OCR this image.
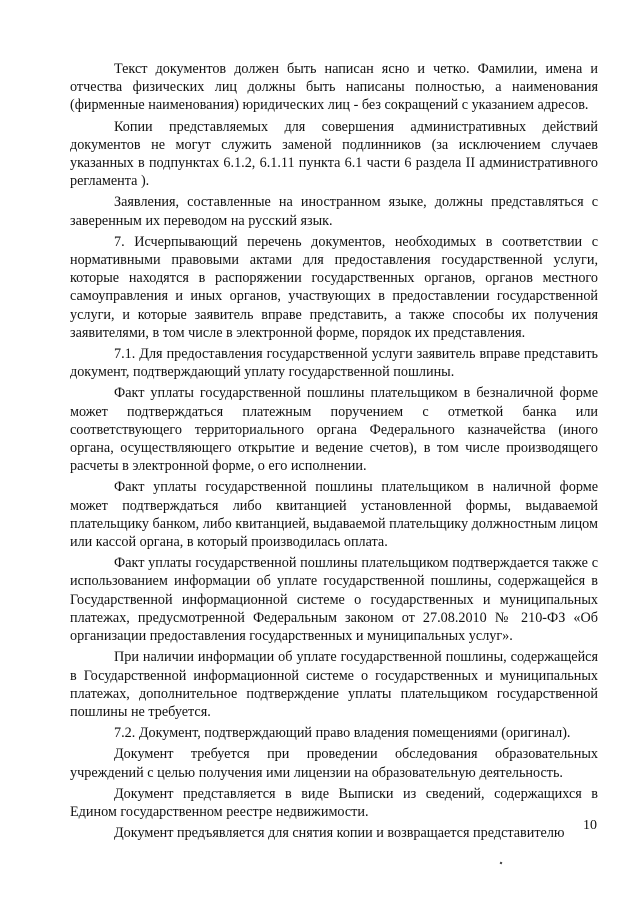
Текст документов должен быть написан ясно и четко. Фамилии, имена и отчества физических лиц должны быть написаны полностью, а наименования (фирменные наименования) юридических лиц - без сокращений с указанием адресов.

Копии представляемых для совершения административных действий документов не могут служить заменой подлинников (за исключением случаев указанных в подпунктах 6.1.2, 6.1.11 пункта 6.1 части 6 раздела II административного регламента ).

Заявления, составленные на иностранном языке, должны представляться с заверенным их переводом на русский язык.

7. Исчерпывающий перечень документов, необходимых в соответствии с нормативными правовыми актами для предоставления государственной услуги, которые находятся в распоряжении государственных органов, органов местного самоуправления и иных органов, участвующих в предоставлении государственной услуги, и которые заявитель вправе представить, а также способы их получения заявителями, в том числе в электронной форме, порядок их представления.

7.1. Для предоставления государственной услуги заявитель вправе представить документ, подтверждающий уплату государственной пошлины.

Факт уплаты государственной пошлины плательщиком в безналичной форме может подтверждаться платежным поручением с отметкой банка или соответствующего территориального органа Федерального казначейства (иного органа, осуществляющего открытие и ведение счетов), в том числе производящего расчеты в электронной форме, о его исполнении.

Факт уплаты государственной пошлины плательщиком в наличной форме может подтверждаться либо квитанцией установленной формы, выдаваемой плательщику банком, либо квитанцией, выдаваемой плательщику должностным лицом или кассой органа, в который производилась оплата.

Факт уплаты государственной пошлины плательщиком подтверждается также с использованием информации об уплате государственной пошлины, содержащейся в Государственной информационной системе о государственных и муниципальных платежах, предусмотренной Федеральным законом от 27.08.2010 № 210-ФЗ «Об организации предоставления государственных и муниципальных услуг».

При наличии информации об уплате государственной пошлины, содержащейся в Государственной информационной системе о государственных и муниципальных платежах, дополнительное подтверждение уплаты плательщиком государственной пошлины не требуется.

7.2. Документ, подтверждающий право владения помещениями (оригинал).

Документ требуется при проведении обследования образовательных учреждений с целью получения ими лицензии на образовательную деятельность.

Документ представляется в виде Выписки из сведений, содержащихся в Едином государственном реестре недвижимости.

Документ предъявляется для снятия копии и возвращается представителю	10
